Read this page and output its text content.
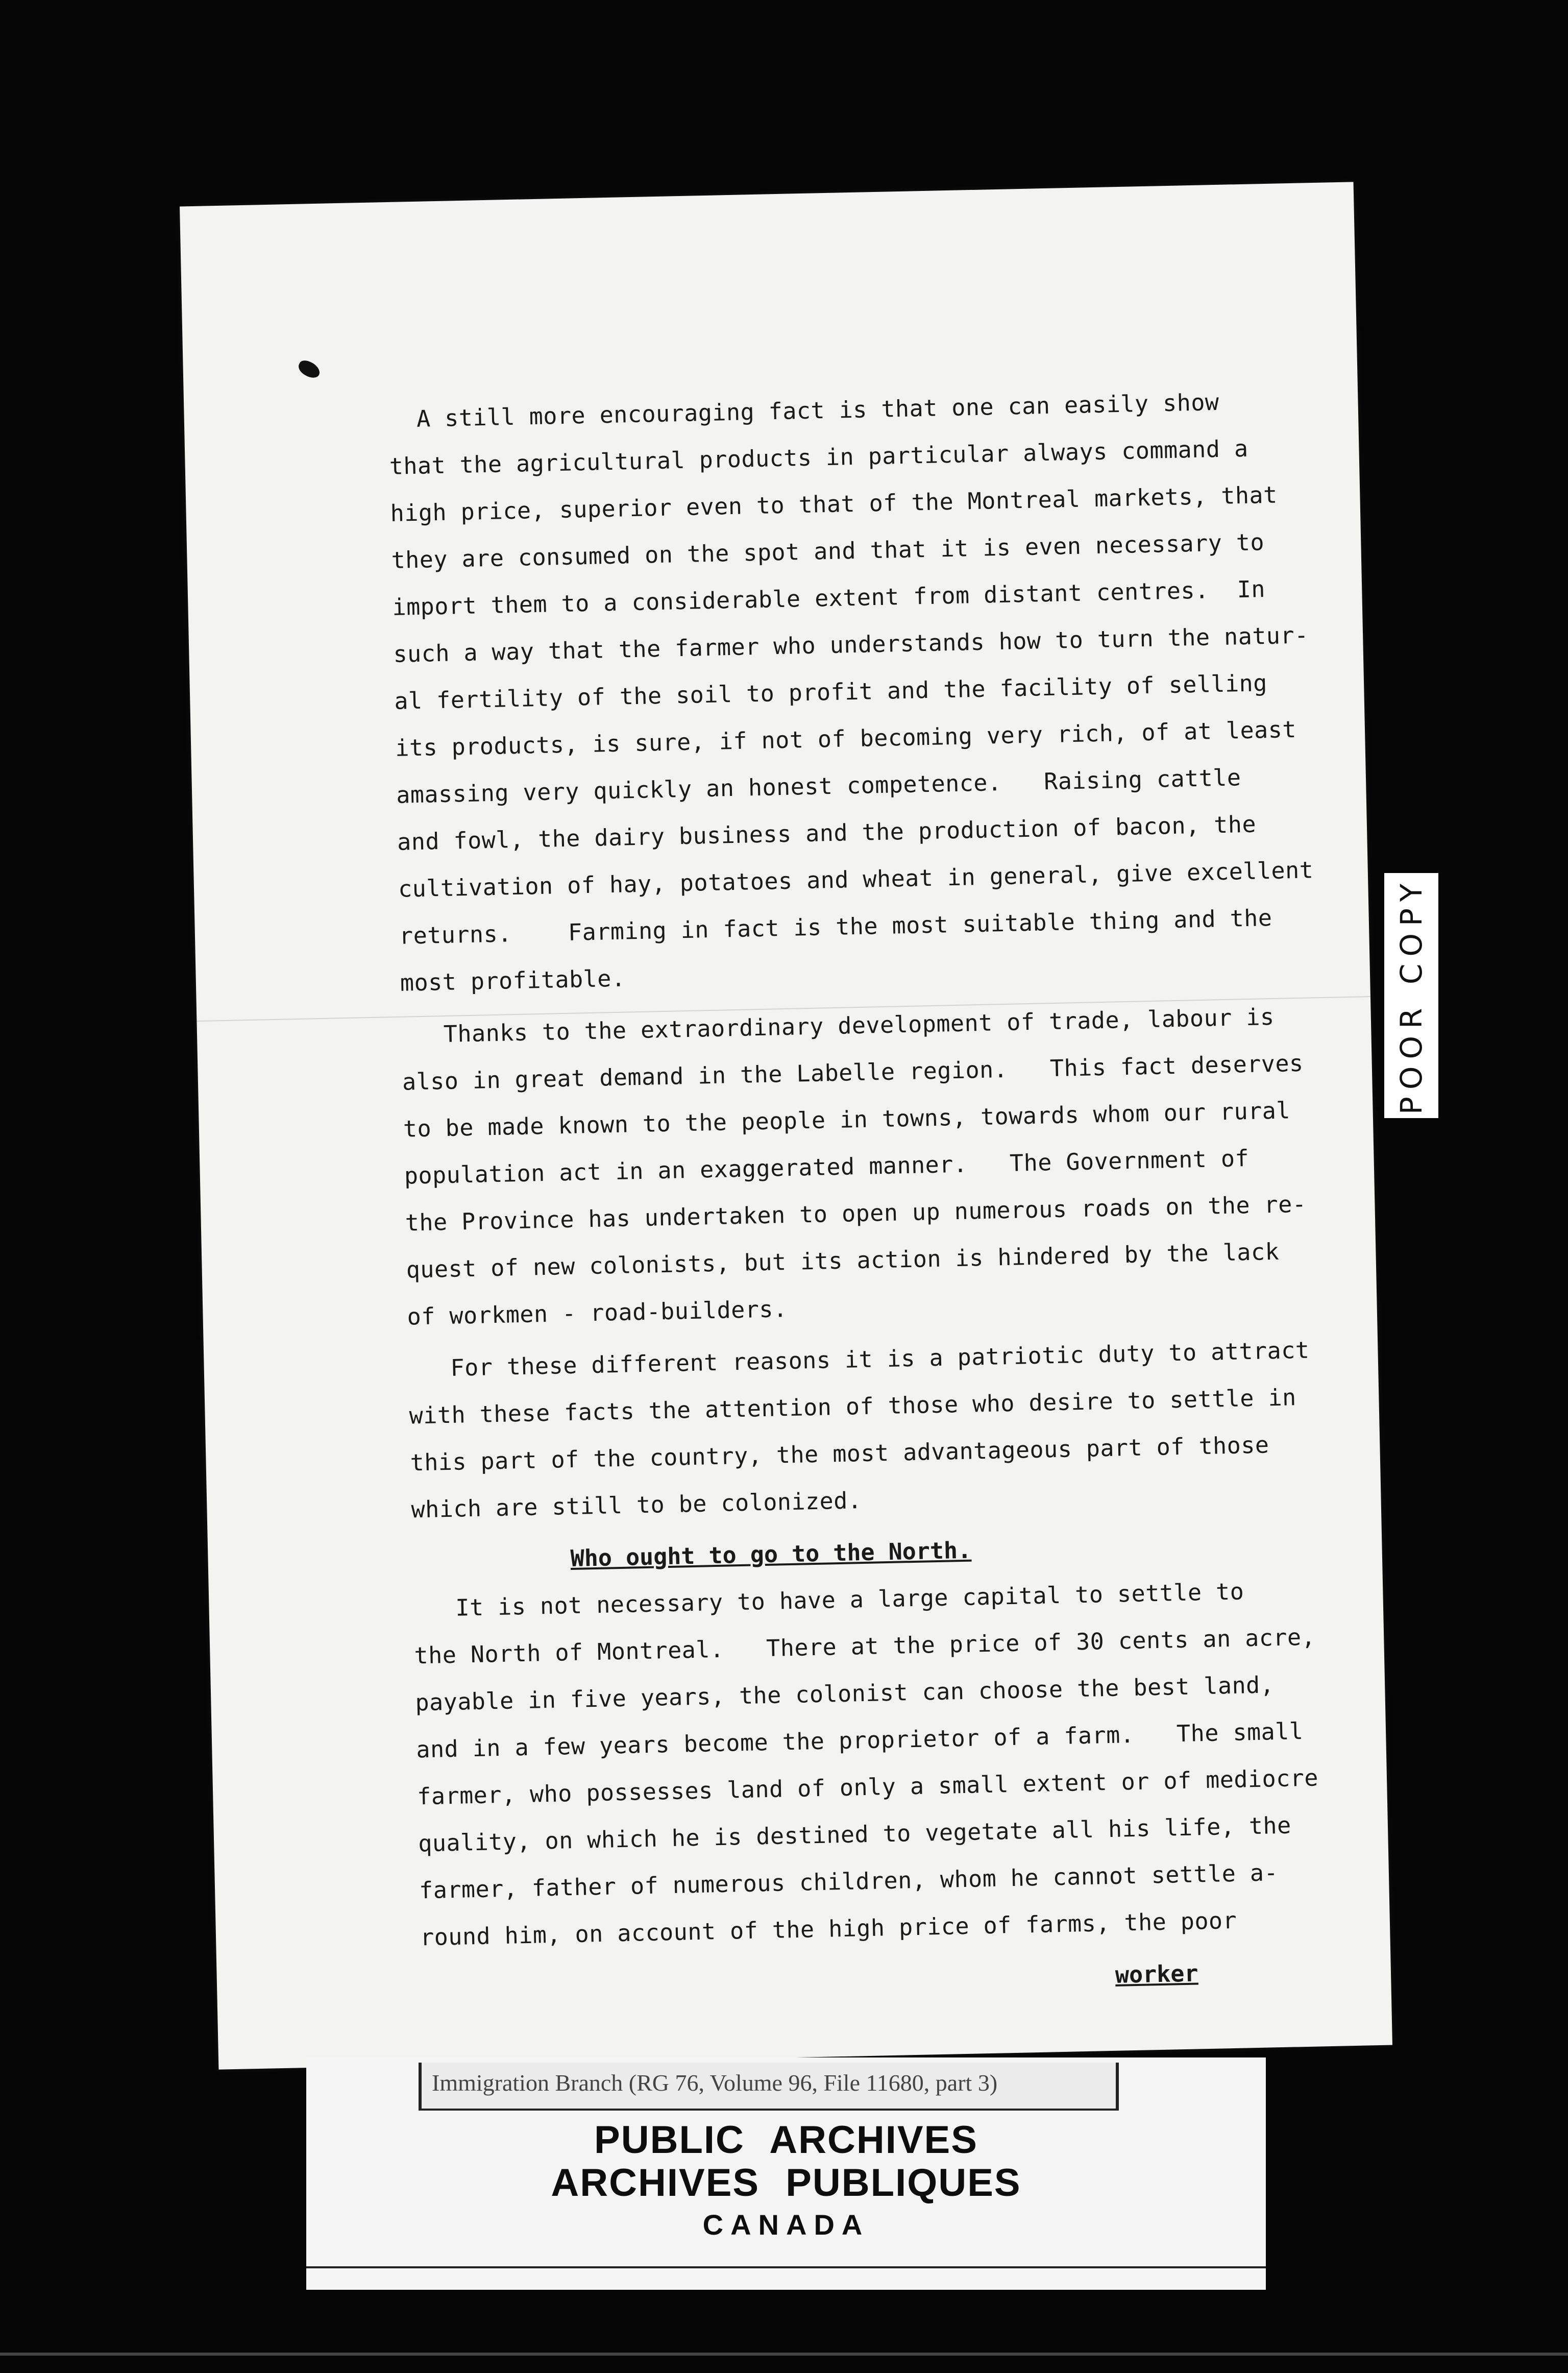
A still more encouraging fact is that one can easily show
that the agricultural products in particular always command a
high price, superior even to that of the Montreal markets, that
they are consumed on the spot and that it is even necessary to
import them to a considerable extent from distant centres.  In
such a way that the farmer who understands how to turn the natur-
al fertility of the soil to profit and the facility of selling
its products, is sure, if not of becoming very rich, of at least
amassing very quickly an honest competence.   Raising cattle
and fowl, the dairy business and the production of bacon, the
cultivation of hay, potatoes and wheat in general, give excellent
returns.    Farming in fact is the most suitable thing and the
most profitable.
Thanks to the extraordinary development of trade, labour is
also in great demand in the Labelle region.   This fact deserves
to be made known to the people in towns, towards whom our rural
population act in an exaggerated manner.   The Government of
the Province has undertaken to open up numerous roads on the re-
quest of new colonists, but its action is hindered by the lack
of workmen - road-builders.
For these different reasons it is a patriotic duty to attract
with these facts the attention of those who desire to settle in
this part of the country, the most advantageous part of those
which are still to be colonized.
Who ought to go to the North.
It is not necessary to have a large capital to settle to
the North of Montreal.   There at the price of 30 cents an acre,
payable in five years, the colonist can choose the best land,
and in a few years become the proprietor of a farm.   The small
farmer, who possesses land of only a small extent or of mediocre
quality, on which he is destined to vegetate all his life, the
farmer, father of numerous children, whom he cannot settle a-
round him, on account of the high price of farms, the poor
worker
POOR COPY
Immigration Branch (RG 76, Volume 96, File 11680, part 3)
PUBLIC ARCHIVES
ARCHIVES PUBLIQUES
CANADA
